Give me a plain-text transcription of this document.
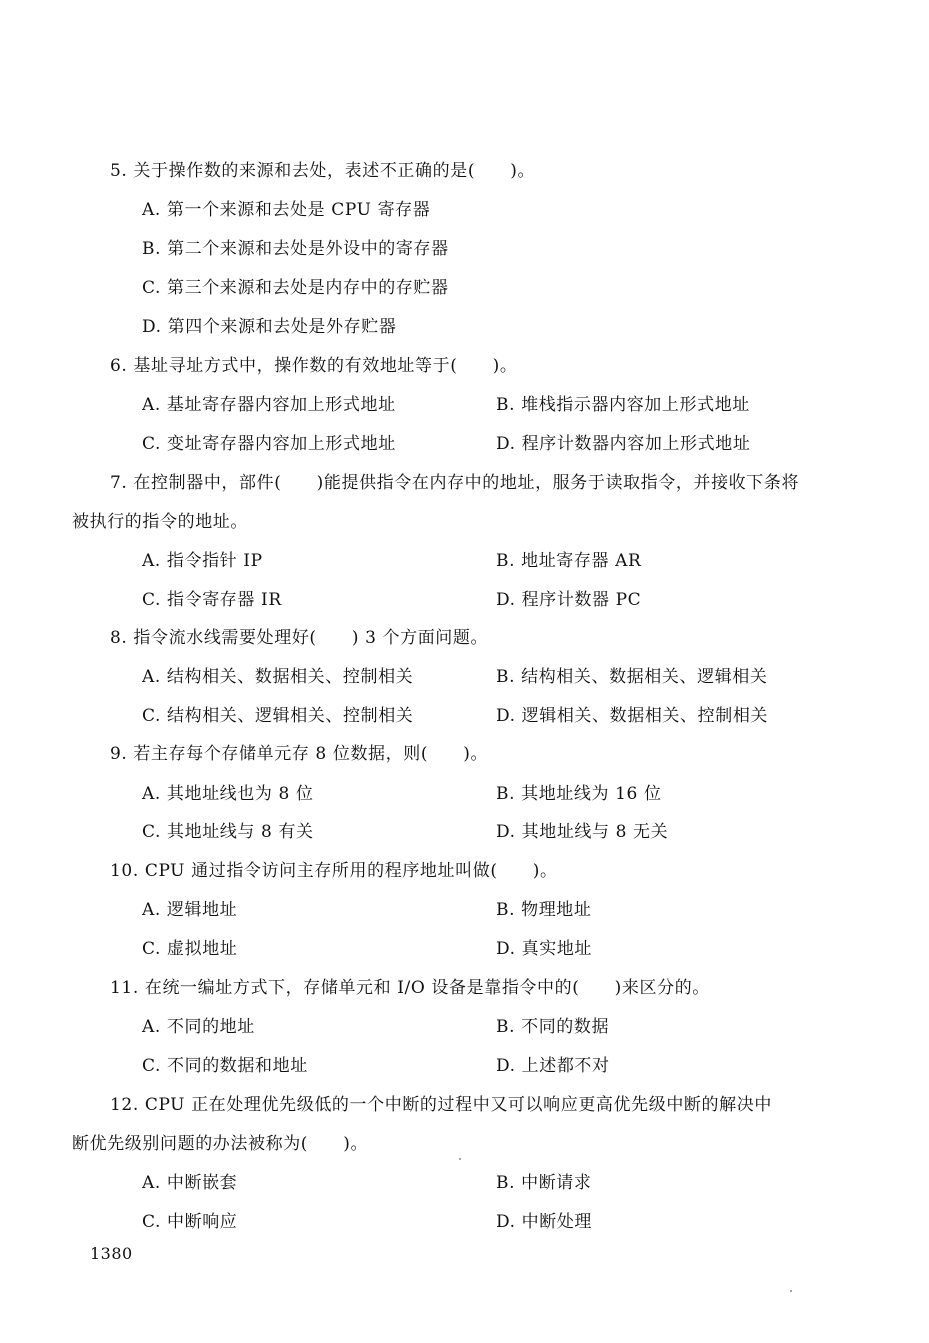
5. 关于操作数的来源和去处，表述不正确的是(　　)。
A. 第一个来源和去处是 CPU 寄存器
B. 第二个来源和去处是外设中的寄存器
C. 第三个来源和去处是内存中的存贮器
D. 第四个来源和去处是外存贮器
6. 基址寻址方式中，操作数的有效地址等于(　　)。
A. 基址寄存器内容加上形式地址	B. 堆栈指示器内容加上形式地址
C. 变址寄存器内容加上形式地址	D. 程序计数器内容加上形式地址
7. 在控制器中，部件(　　)能提供指令在内存中的地址，服务于读取指令，并接收下条将
被执行的指令的地址。
A. 指令指针 IP	B. 地址寄存器 AR
C. 指令寄存器 IR	D. 程序计数器 PC
8. 指令流水线需要处理好(　　) 3 个方面问题。
A. 结构相关、数据相关、控制相关	B. 结构相关、数据相关、逻辑相关
C. 结构相关、逻辑相关、控制相关	D. 逻辑相关、数据相关、控制相关
9. 若主存每个存储单元存 8 位数据，则(　　)。
A. 其地址线也为 8 位	B. 其地址线为 16 位
C. 其地址线与 8 有关	D. 其地址线与 8 无关
10. CPU 通过指令访问主存所用的程序地址叫做(　　)。
A. 逻辑地址	B. 物理地址
C. 虚拟地址	D. 真实地址
11. 在统一编址方式下，存储单元和 I/O 设备是靠指令中的(　　)来区分的。
A. 不同的地址	B. 不同的数据
C. 不同的数据和地址	D. 上述都不对
12. CPU 正在处理优先级低的一个中断的过程中又可以响应更高优先级中断的解决中
断优先级别问题的办法被称为(　　)。
A. 中断嵌套	B. 中断请求
C. 中断响应	D. 中断处理
1380
